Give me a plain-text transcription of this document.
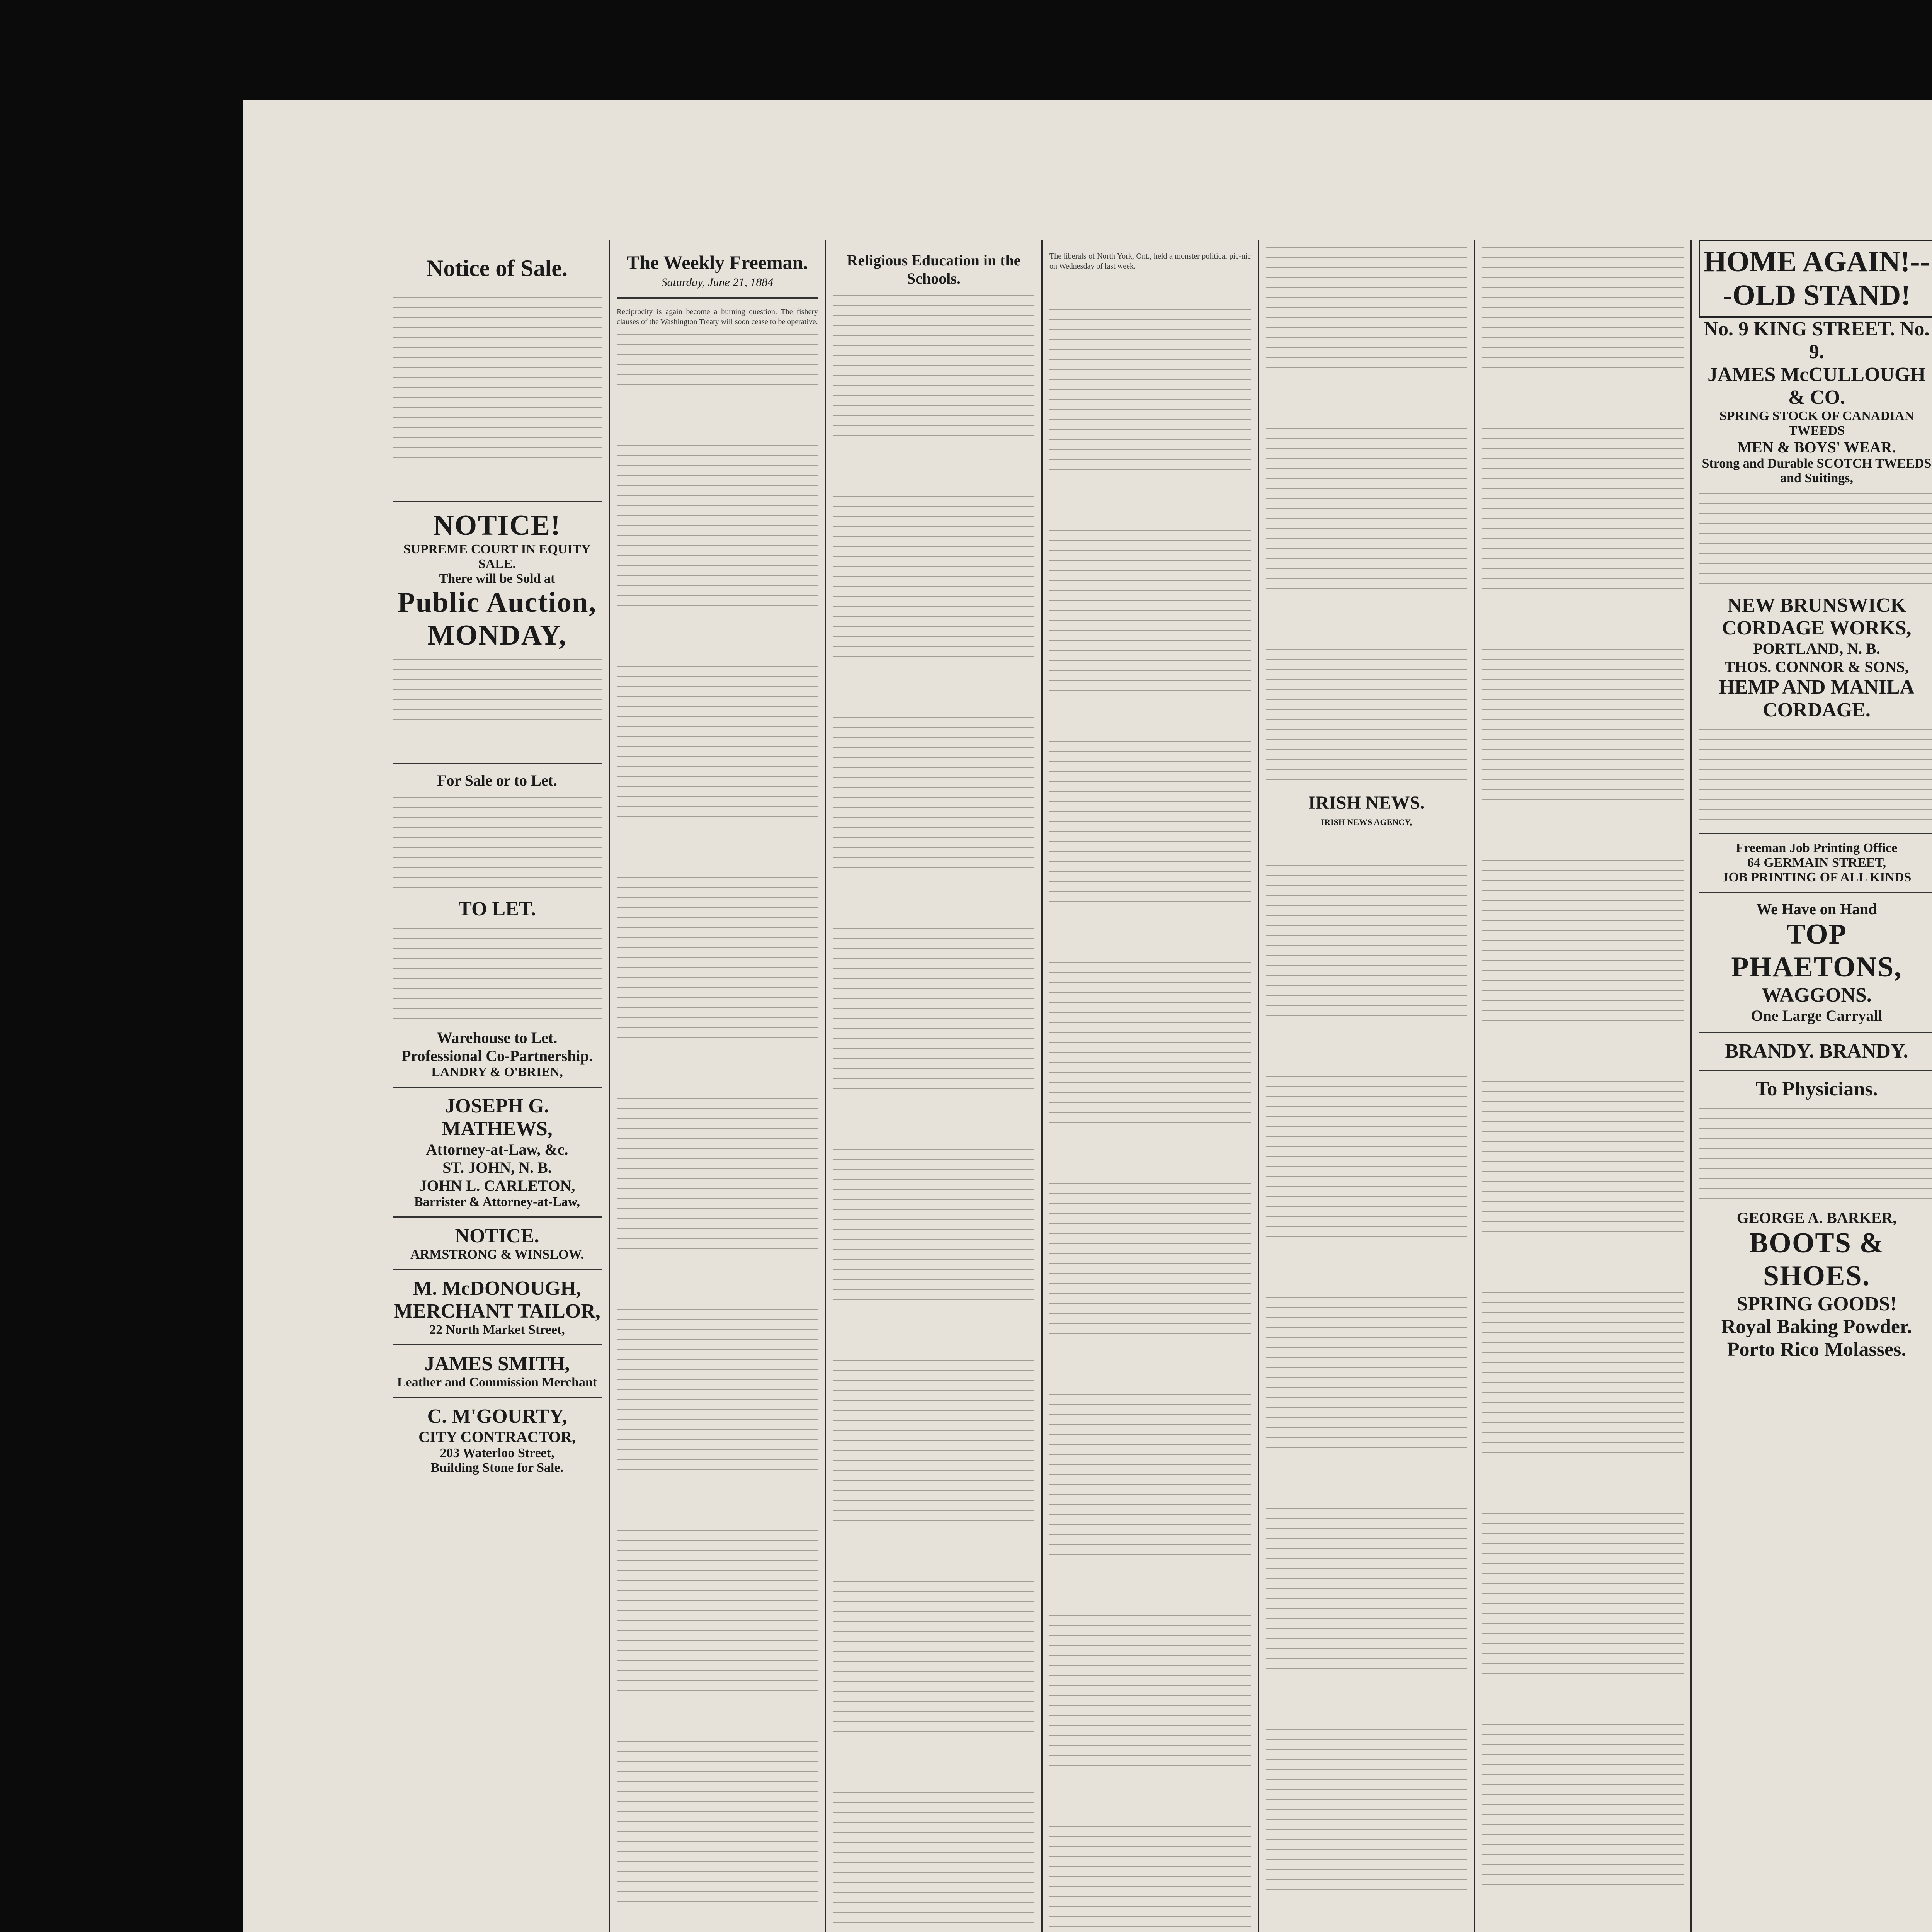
Notice of Sale.
NOTICE!
SUPREME COURT IN EQUITY SALE.
There will be Sold at
Public Auction,
MONDAY,
For Sale or to Let.
TO LET.
Warehouse to Let.
Professional Co-Partnership.
LANDRY & O'BRIEN,
JOSEPH G. MATHEWS,
Attorney-at-Law, &c.
ST. JOHN, N. B.
JOHN L. CARLETON,
Barrister & Attorney-at-Law,
NOTICE.
ARMSTRONG & WINSLOW.
M. McDONOUGH,
MERCHANT TAILOR,
22 North Market Street,
JAMES SMITH,
Leather and Commission Merchant
C. M'GOURTY,
CITY CONTRACTOR,
203 Waterloo Street,
Building Stone for Sale.
The Weekly Freeman.
Saturday, June 21, 1884

Reciprocity is again become a burning question. The fishery clauses of the Washington Treaty will soon cease to be operative.

Religious Education in the Schools.

The liberals of North York, Ont., held a monster political pic-nic on Wednesday of last week.

IRISH NEWS.
IRISH NEWS AGENCY,
HOME AGAIN!---OLD STAND!
No. 9 KING STREET. No. 9.
JAMES McCULLOUGH & CO.
SPRING STOCK OF CANADIAN TWEEDS
MEN & BOYS' WEAR.
Strong and Durable SCOTCH TWEEDS and Suitings,
NEW BRUNSWICK CORDAGE WORKS,
PORTLAND, N. B.
THOS. CONNOR & SONS,
HEMP AND MANILA CORDAGE.
Freeman Job Printing Office
64 GERMAIN STREET,
JOB PRINTING OF ALL KINDS
We Have on Hand
TOP PHAETONS,
WAGGONS.
One Large Carryall
BRANDY. BRANDY.
To Physicians.
GEORGE A. BARKER,
BOOTS & SHOES.
SPRING GOODS!
Royal Baking Powder.
Porto Rico Molasses.
